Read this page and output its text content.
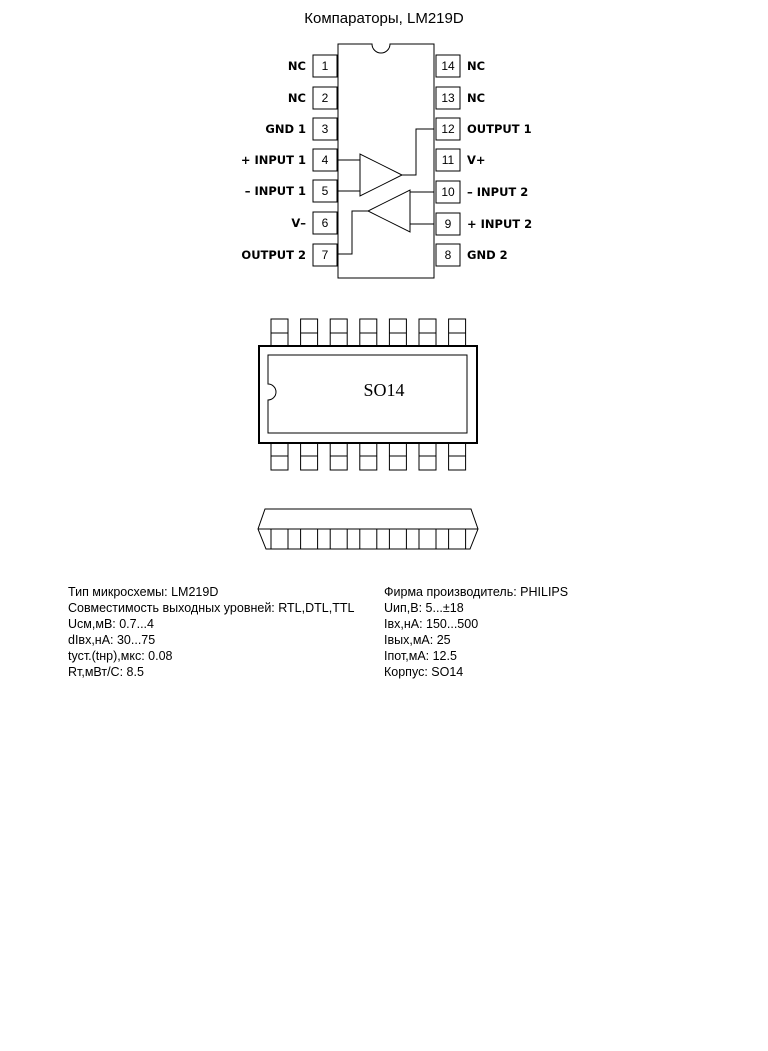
Компараторы, LM219D
1
NC
2
NC
3
GND 1
4
+ INPUT 1
5
– INPUT 1
6
V–
7
OUTPUT 2
14 NC
13 NC
12 OUTPUT 1
11 V+
10 – INPUT 2
9 + INPUT 2
8 GND 2
SO14
Тип микросхемы: LM219D
Совместимость выходных уровней: RTL,DTL,TTL
Uсм,мВ: 0.7...4
dIвх,нА: 30...75
tуст.(tнр),мкс: 0.08
Rт,мВт/C: 8.5
Фирма производитель: PHILIPS
Uип,В: 5...±18
Iвх,нА: 150...500
Iвых,мА: 25
Iпот,мА: 12.5
Корпус: SO14
